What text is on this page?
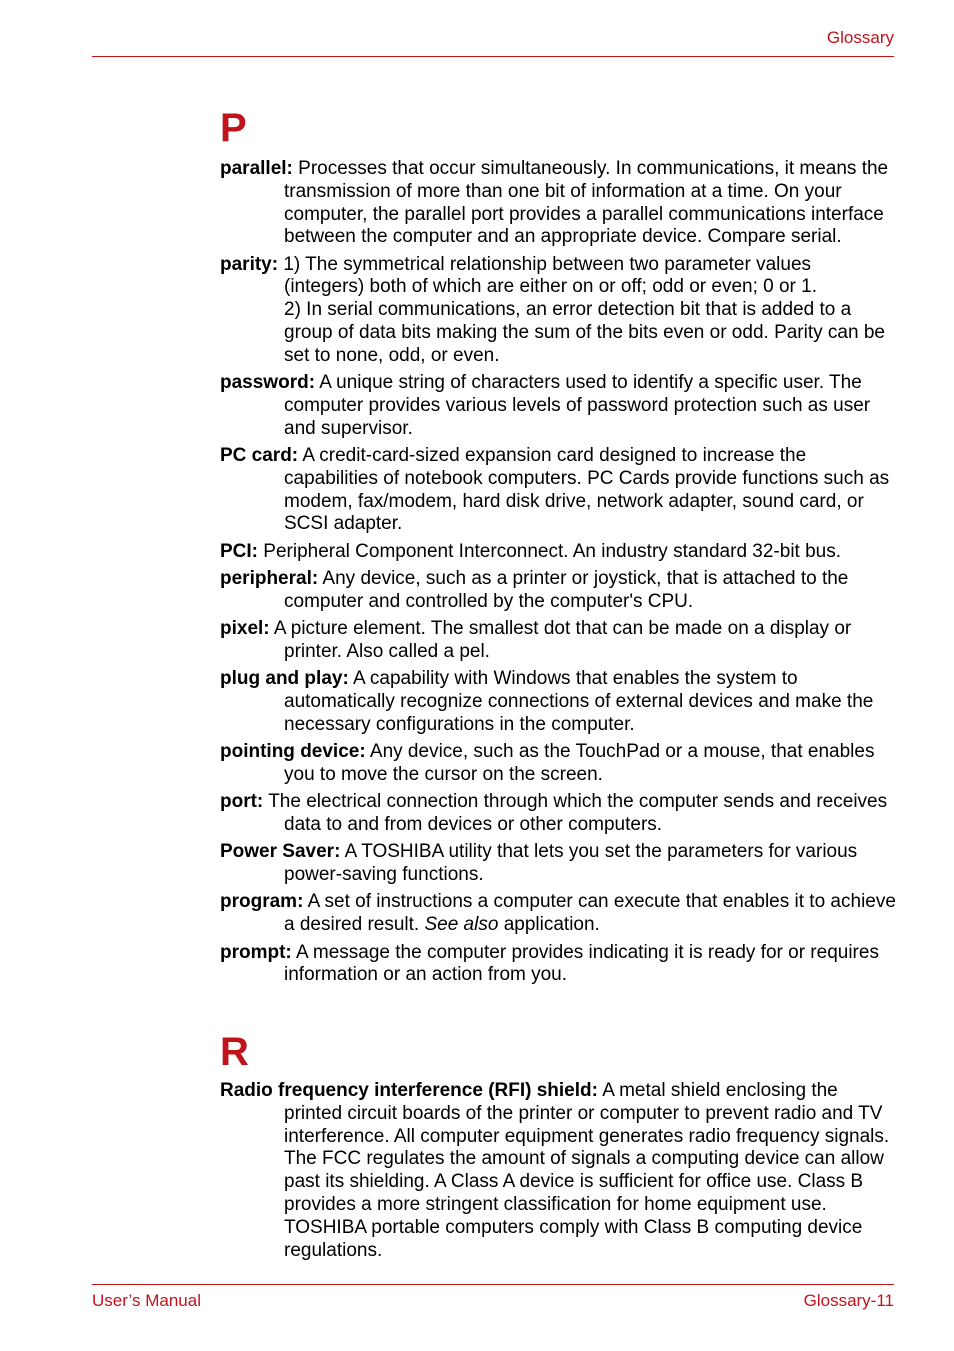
Glossary
P

parallel: Processes that occur simultaneously. In communications, it means the transmission of more than one bit of information at a time. On your computer, the parallel port provides a parallel communications interface between the computer and an appropriate device. Compare serial.

parity: 1) The symmetrical relationship between two parameter values (integers) both of which are either on or off; odd or even; 0 or 1.
2) In serial communications, an error detection bit that is added to a group of data bits making the sum of the bits even or odd. Parity can be set to none, odd, or even.

password: A unique string of characters used to identify a specific user. The computer provides various levels of password protection such as user and supervisor.

PC card: A credit-card-sized expansion card designed to increase the capabilities of notebook computers. PC Cards provide functions such as modem, fax/modem, hard disk drive, network adapter, sound card, or SCSI adapter.

PCI: Peripheral Component Interconnect. An industry standard 32-bit bus.

peripheral: Any device, such as a printer or joystick, that is attached to the computer and controlled by the computer's CPU.

pixel: A picture element. The smallest dot that can be made on a display or printer. Also called a pel.

plug and play: A capability with Windows that enables the system to automatically recognize connections of external devices and make the necessary configurations in the computer.

pointing device: Any device, such as the TouchPad or a mouse, that enables you to move the cursor on the screen.

port: The electrical connection through which the computer sends and receives data to and from devices or other computers.

Power Saver: A TOSHIBA utility that lets you set the parameters for various power-saving functions.

program: A set of instructions a computer can execute that enables it to achieve a desired result. See also application.

prompt: A message the computer provides indicating it is ready for or requires information or an action from you.

R

Radio frequency interference (RFI) shield: A metal shield enclosing the printed circuit boards of the printer or computer to prevent radio and TV interference. All computer equipment generates radio frequency signals. The FCC regulates the amount of signals a computing device can allow past its shielding. A Class A device is sufficient for office use. Class B provides a more stringent classification for home equipment use. TOSHIBA portable computers comply with Class B computing device regulations.

User’s Manual	Glossary-11
